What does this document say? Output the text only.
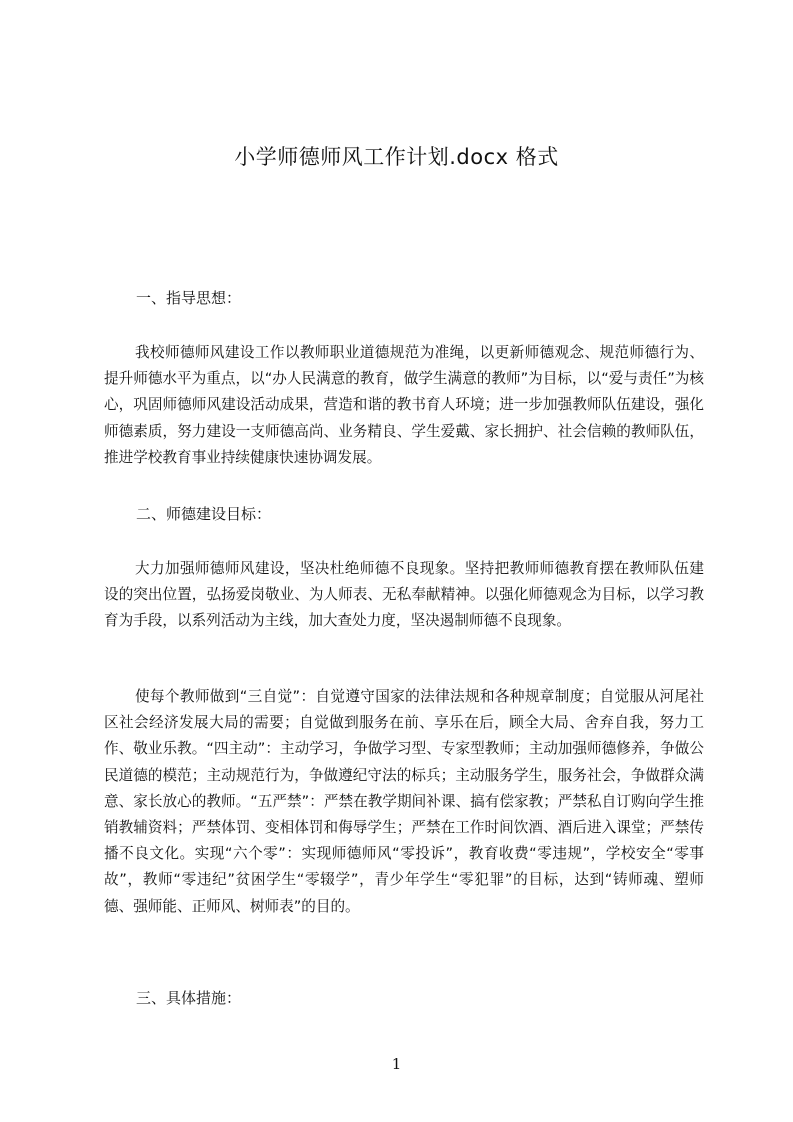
小学师德师风工作计划.docx 格式
一、指导思想：

我校师德师风建设工作以教师职业道德规范为准绳，以更新师德观念、规范师德行为、提升师德水平为重点，以“办人民满意的教育，做学生满意的教师”为目标，以“爱与责任”为核心，巩固师德师风建设活动成果，营造和谐的教书育人环境；进一步加强教师队伍建设，强化师德素质，努力建设一支师德高尚、业务精良、学生爱戴、家长拥护、社会信赖的教师队伍，推进学校教育事业持续健康快速协调发展。

二、师德建设目标：

大力加强师德师风建设，坚决杜绝师德不良现象。坚持把教师师德教育摆在教师队伍建设的突出位置，弘扬爱岗敬业、为人师表、无私奉献精神。以强化师德观念为目标，以学习教育为手段，以系列活动为主线，加大查处力度，坚决遏制师德不良现象。

使每个教师做到“三自觉”：自觉遵守国家的法律法规和各种规章制度；自觉服从河尾社区社会经济发展大局的需要；自觉做到服务在前、享乐在后，顾全大局、舍弃自我，努力工作、敬业乐教。“四主动”：主动学习，争做学习型、专家型教师；主动加强师德修养，争做公民道德的模范；主动规范行为，争做遵纪守法的标兵；主动服务学生，服务社会，争做群众满意、家长放心的教师。“五严禁”：严禁在教学期间补课、搞有偿家教；严禁私自订购向学生推销教辅资料；严禁体罚、变相体罚和侮辱学生；严禁在工作时间饮酒、酒后进入课堂；严禁传播不良文化。实现“六个零”：实现师德师风“零投诉”，教育收费“零违规”，学校安全“零事故”，教师“零违纪”贫困学生“零辍学”，青少年学生“零犯罪”的目标，达到“铸师魂、塑师德、强师能、正师风、树师表”的目的。

三、具体措施：
1
